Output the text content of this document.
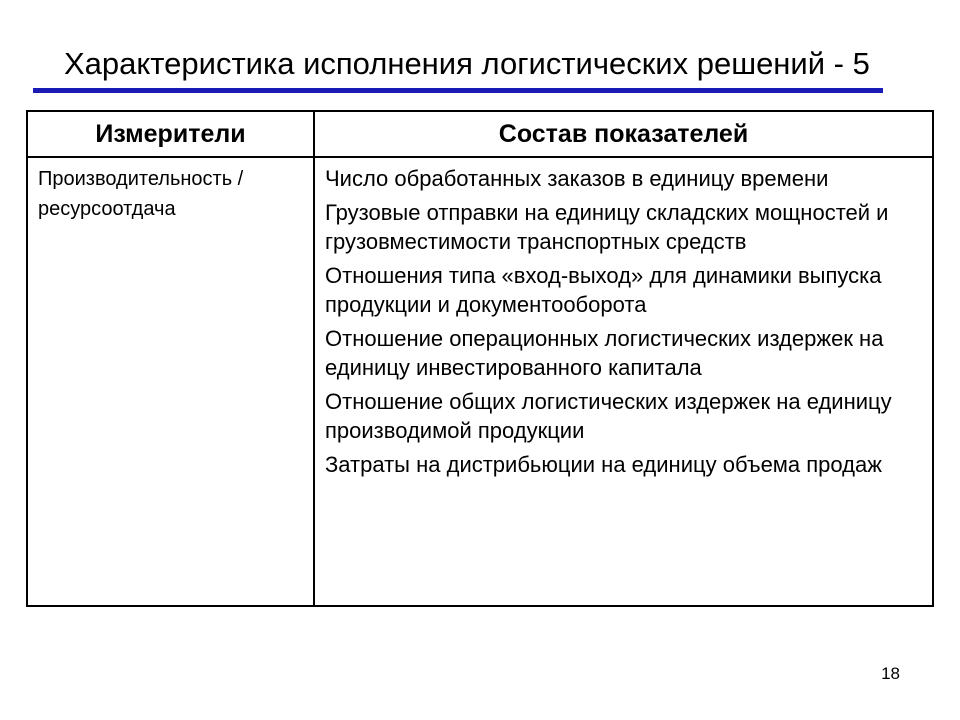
Характеристика исполнения логистических решений - 5
Измерители	Состав показателей
Производительность / ресурсоотдача
Число обработанных заказов в единицу времени
Грузовые отправки на единицу складских мощностей и грузовместимости транспортных средств
Отношения типа «вход-выход» для динамики выпуска продукции и документооборота
Отношение операционных логистических издержек на единицу инвестированного капитала
Отношение общих логистических издержек на единицу производимой продукции
Затраты на дистрибьюции на единицу объема продаж
18
